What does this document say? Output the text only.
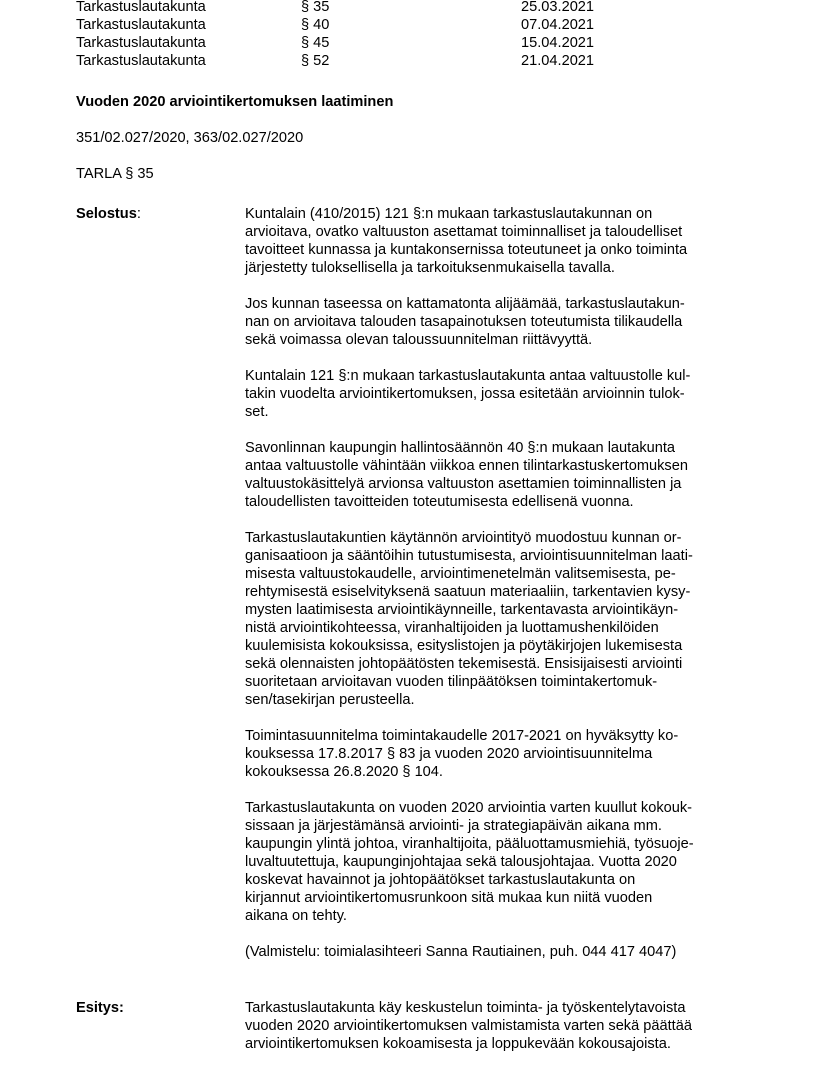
Tarkastuslautakunta	§ 35	25.03.2021
Tarkastuslautakunta	§ 40	07.04.2021
Tarkastuslautakunta	§ 45	15.04.2021
Tarkastuslautakunta	§ 52	21.04.2021
Vuoden 2020 arviointikertomuksen laatiminen
351/02.027/2020, 363/02.027/2020
TARLA § 35
Selostus:	Kuntalain (410/2015) 121 §:n mukaan tarkastuslautakunnan on
arvioitava, ovatko valtuuston asettamat toiminnalliset ja taloudelliset
tavoitteet kunnassa ja kuntakonsernissa toteutuneet ja onko toiminta
järjestetty tuloksellisella ja tarkoituksenmukaisella tavalla.
Jos kunnan taseessa on kattamatonta alijäämää, tarkastuslautakun-
nan on arvioitava talouden tasapainotuksen toteutumista tilikaudella
sekä voimassa olevan taloussuunnitelman riittävyyttä.
Kuntalain 121 §:n mukaan tarkastuslautakunta antaa valtuustolle kul-
takin vuodelta arviointikertomuksen, jossa esitetään arvioinnin tulok-
set.
Savonlinnan kaupungin hallintosäännön 40 §:n mukaan lautakunta
antaa valtuustolle vähintään viikkoa ennen tilintarkastuskertomuksen
valtuustokäsittelyä arvionsa valtuuston asettamien toiminnallisten ja
taloudellisten tavoitteiden toteutumisesta edellisenä vuonna.
Tarkastuslautakuntien käytännön arviointityö muodostuu kunnan or-
ganisaatioon ja sääntöihin tutustumisesta, arviointisuunnitelman laati-
misesta valtuustokaudelle, arviointimenetelmän valitsemisesta, pe-
rehtymisestä esiselvityksenä saatuun materiaaliin, tarkentavien kysy-
mysten laatimisesta arviointikäynneille, tarkentavasta arviointikäyn-
nistä arviointikohteessa, viranhaltijoiden ja luottamushenkilöiden
kuulemisista kokouksissa, esityslistojen ja pöytäkirjojen lukemisesta
sekä olennaisten johtopäätösten tekemisestä. Ensisijaisesti arviointi
suoritetaan arvioitavan vuoden tilinpäätöksen toimintakertomuk-
sen/tasekirjan perusteella.
Toimintasuunnitelma toimintakaudelle 2017-2021 on hyväksytty ko-
kouksessa 17.8.2017 § 83 ja vuoden 2020 arviointisuunnitelma
kokouksessa 26.8.2020 § 104.
Tarkastuslautakunta on vuoden 2020 arviointia varten kuullut kokouk-
sissaan ja järjestämänsä arviointi- ja strategiapäivän aikana mm.
kaupungin ylintä johtoa, viranhaltijoita, pääluottamusmiehiä, työsuoje-
luvaltuutettuja, kaupunginjohtajaa sekä talousjohtajaa. Vuotta 2020
koskevat havainnot ja johtopäätökset tarkastuslautakunta on
kirjannut arviointikertomusrunkoon sitä mukaa kun niitä vuoden
aikana on tehty.
(Valmistelu: toimialasihteeri Sanna Rautiainen, puh. 044 417 4047)
Esitys:	Tarkastuslautakunta käy keskustelun toiminta- ja työskentelytavoista
vuoden 2020 arviointikertomuksen valmistamista varten sekä päättää
arviointikertomuksen kokoamisesta ja loppukevään kokousajoista.
